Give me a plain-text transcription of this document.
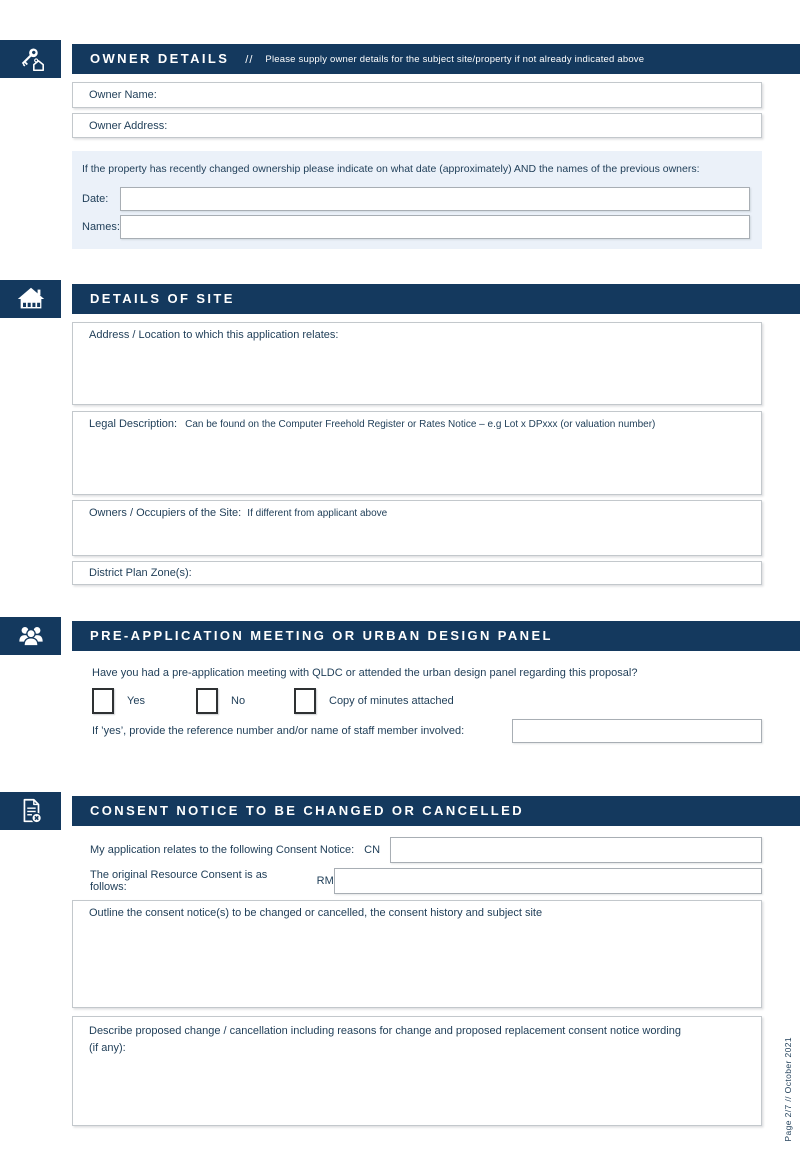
OWNER DETAILS // Please supply owner details for the subject site/property if not already indicated above
Owner Name:
Owner Address:
If the property has recently changed ownership please indicate on what date (approximately) AND the names of the previous owners:
Date:
Names:
DETAILS OF SITE
Address / Location to which this application relates:
Legal Description: Can be found on the Computer Freehold Register or Rates Notice – e.g Lot x DPxxx (or valuation number)
Owners / Occupiers of the Site: If different from applicant above
District Plan Zone(s):
PRE-APPLICATION MEETING OR URBAN DESIGN PANEL
Have you had a pre-application meeting with QLDC or attended the urban design panel regarding this proposal?
Yes	No	Copy of minutes attached
If ’yes’, provide the reference number and/or name of staff member involved:
CONSENT NOTICE TO BE CHANGED OR CANCELLED
My application relates to the following Consent Notice: CN
The original Resource Consent is as follows:	RM
Outline the consent notice(s) to be changed or cancelled, the consent history and subject site
Describe proposed change / cancellation including reasons for change and proposed replacement consent notice wording (if any):	Page 2/7 // October 2021
